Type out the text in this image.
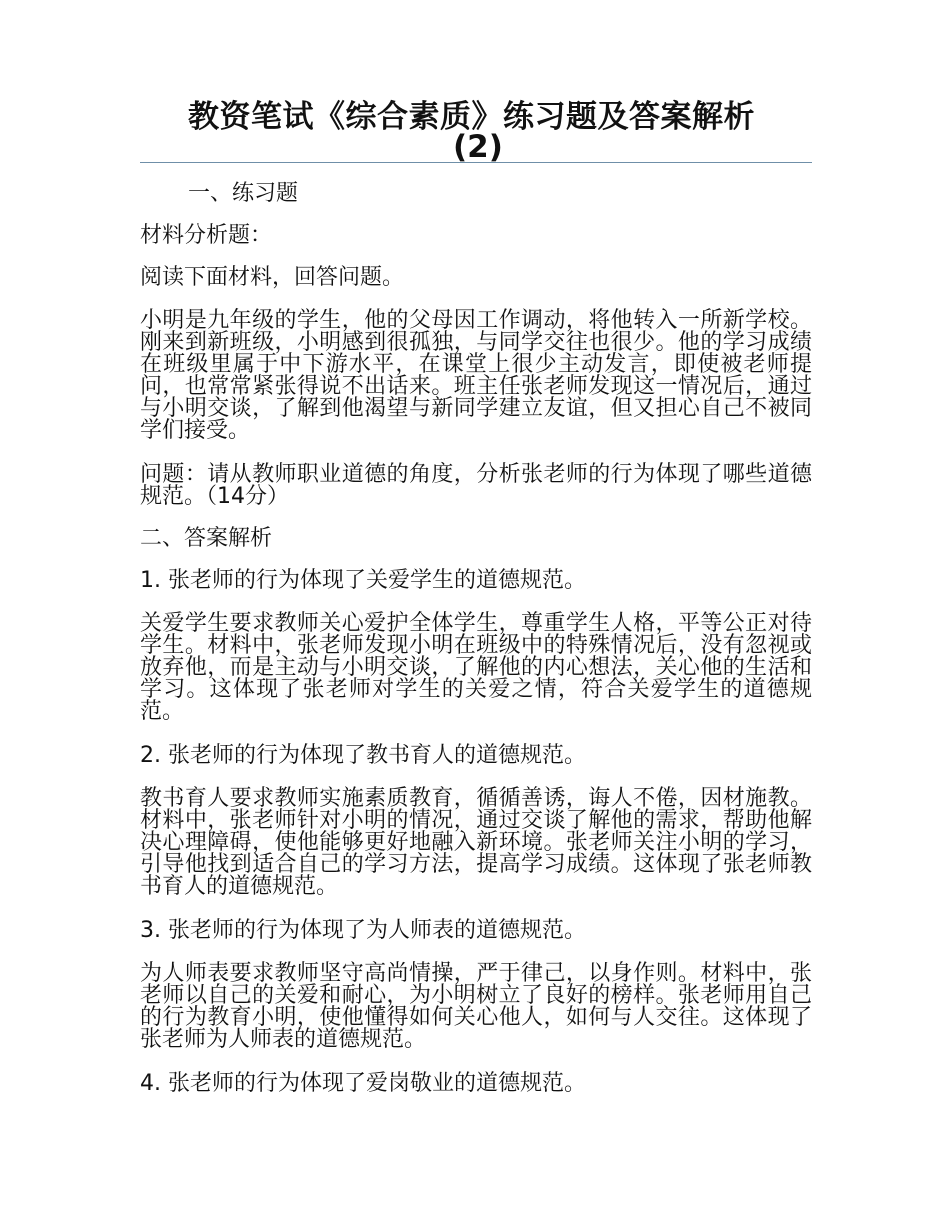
教资笔试《综合素质》练习题及答案解析
(2)

一、练习题

材料分析题：

阅读下面材料，回答问题。

小明是九年级的学生，他的父母因工作调动，将他转入一所新学校。刚来到新班级，小明感到很孤独，与同学交往也很少。他的学习成绩在班级里属于中下游水平，在课堂上很少主动发言，即使被老师提问，也常常紧张得说不出话来。班主任张老师发现这一情况后，通过与小明交谈，了解到他渴望与新同学建立友谊，但又担心自己不被同学们接受。

问题：请从教师职业道德的角度，分析张老师的行为体现了哪些道德规范。（14分）

二、答案解析

1. 张老师的行为体现了关爱学生的道德规范。

关爱学生要求教师关心爱护全体学生，尊重学生人格，平等公正对待学生。材料中，张老师发现小明在班级中的特殊情况后，没有忽视或放弃他，而是主动与小明交谈，了解他的内心想法，关心他的生活和学习。这体现了张老师对学生的关爱之情，符合关爱学生的道德规范。

2. 张老师的行为体现了教书育人的道德规范。

教书育人要求教师实施素质教育，循循善诱，诲人不倦，因材施教。材料中，张老师针对小明的情况，通过交谈了解他的需求，帮助他解决心理障碍，使他能够更好地融入新环境。张老师关注小明的学习，引导他找到适合自己的学习方法，提高学习成绩。这体现了张老师教书育人的道德规范。

3. 张老师的行为体现了为人师表的道德规范。

为人师表要求教师坚守高尚情操，严于律己，以身作则。材料中，张老师以自己的关爱和耐心，为小明树立了良好的榜样。张老师用自己的行为教育小明，使他懂得如何关心他人，如何与人交往。这体现了张老师为人师表的道德规范。

4. 张老师的行为体现了爱岗敬业的道德规范。
